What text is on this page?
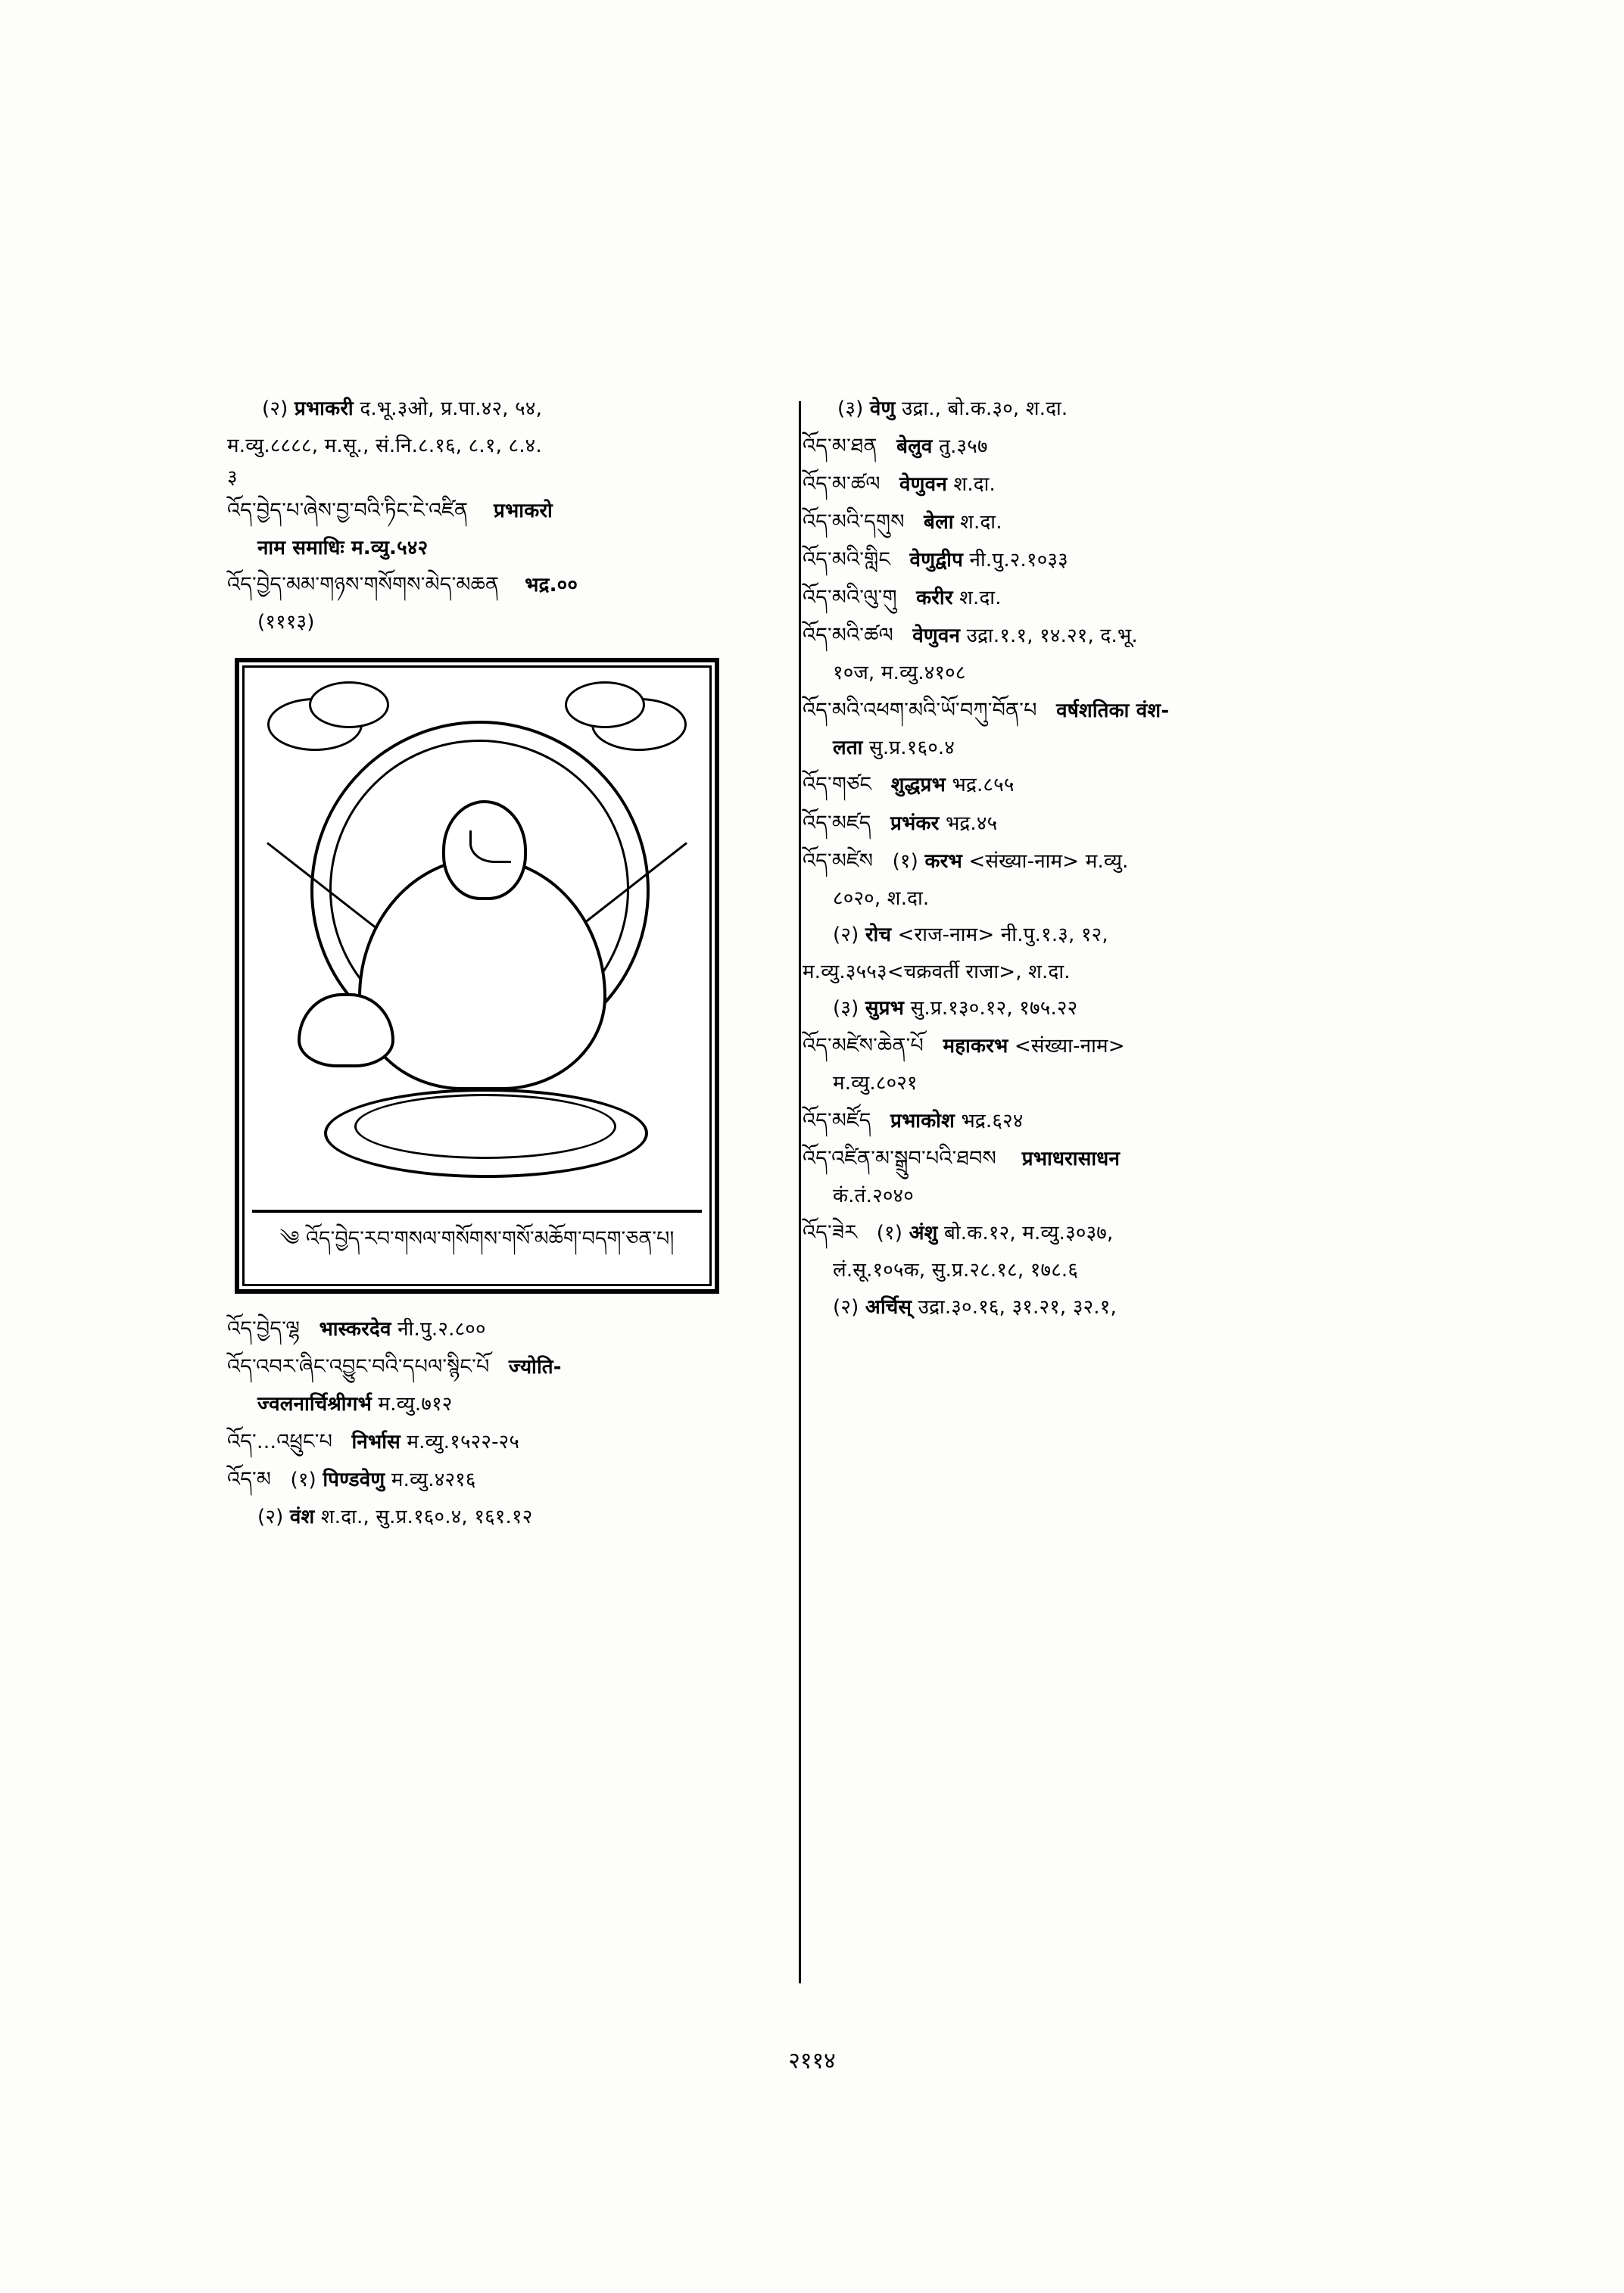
(२) प्रभाकरी द.भू.३ओ, प्र.पा.४२, ५४,
म.व्यु.८८८८, म.सू., सं.नि.८.१६, ८.१, ८.४.
३
འོད་བྱེད་པ་ཞེས་བྱ་བའི་ཏིང་ངེ་འཛིན प्रभाकरो
नाम समाधिः म.व्यु.५४२
འོད་བྱེད་མམ་གཉས་གསོགས་མེད་མཆན भद्र.००
(१११३)
༄ འོད་བྱེད་རབ་གསལ་གསོགས་གསོ་མཆོག་བདག་ཅན་པ།
འོད་བྱེད་ལྷ भास्करदेव नी.पु.२.८००
འོད་འབར་ཞིང་འབྱུང་བའི་དཔལ་སྙིང་པོ ज्योति-
ज्वलनार्चिश्रीगर्भ म.व्यु.७१२
འོད་...འཕྲུང་པ निर्भास म.व्यु.१५२२-२५
འོད་མ (१) पिण्डवेणु म.व्यु.४२१६
(२) वंश श.दा., सु.प्र.१६०.४, १६१.१२
(३) वेणु उद्रा., बो.क.३०, श.दा.
འོད་མ་ཐན बेलुव तु.३५७
འོད་མ་ཚལ वेणुवन श.दा.
འོད་མའི་དགུས बेला श.दा.
འོད་མའི་གླིང वेणुद्वीप नी.पु.२.१०३३
འོད་མའི་ལུ་གུ करीर श.दा.
འོད་མའི་ཚལ वेणुवन उद्रा.१.१, १४.२१, द.भू.
१०ज, म.व्यु.४१०८
འོད་མའི་འཕག་མའི་ཡོ་བཀུ་བོན་པ वर्षशतिका वंश-
लता सु.प्र.१६०.४
འོད་གཙང शुद्धप्रभ भद्र.८५५
འོད་མཛད प्रभंकर भद्र.४५
འོད་མཛེས (१) करभ <संख्या-नाम> म.व्यु.
८०२०, श.दा.
(२) रोच <राज-नाम> नी.पु.१.३, १२,
म.व्यु.३५५३<चक्रवर्ती राजा>, श.दा.
(३) सुप्रभ सु.प्र.१३०.१२, १७५.२२
འོད་མཛེས་ཆེན་པོ महाकरभ <संख्या-नाम>
म.व्यु.८०२१
འོད་མཛོད प्रभाकोश भद्र.६२४
འོད་འཛིན་མ་སྒྲུབ་པའི་ཐབས प्रभाधरासाधन
कं.तं.२०४०
འོད་ཟེར (१) अंशु बो.क.१२, म.व्यु.३०३७,
लं.सू.१०५क, सु.प्र.२८.१८, १७८.६
(२) अर्चिस् उद्रा.३०.१६, ३१.२१, ३२.१,
२११४
